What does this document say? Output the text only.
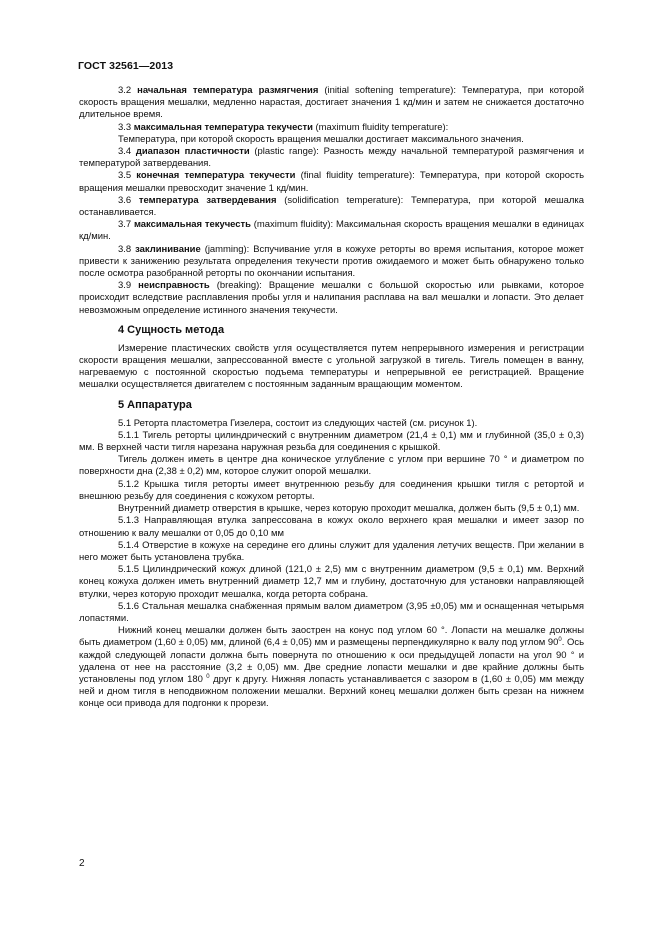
ГОСТ 32561—2013

3.2 начальная температура размягчения (initial softening temperature): Температура, при которой скорость вращения мешалки, медленно нарастая, достигает значения 1 кд/мин и затем не снижается достаточно длительное время.

3.3 максимальная температура текучести (maximum fluidity temperature):

Температура, при которой скорость вращения мешалки достигает максимального значения.

3.4 диапазон пластичности (plastic range): Разность между начальной температурой размягчения и температурой затвердевания.

3.5 конечная температура текучести (final fluidity temperature): Температура, при которой скорость вращения мешалки превосходит значение 1 кд/мин.

3.6 температура затвердевания (solidification temperature): Температура, при которой мешалка останавливается.

3.7 максимальная текучесть (maximum fluidity): Максимальная скорость вращения мешалки в единицах кд/мин.

3.8 заклинивание (jamming): Вспучивание угля в кожухе реторты во время испытания, которое может привести к занижению результата определения текучести против ожидаемого и может быть обнаружено только после осмотра разобранной реторты по окончании испытания.

3.9 неисправность (breaking): Вращение мешалки с большой скоростью или рывками, которое происходит вследствие расплавления пробы угля и налипания расплава на вал мешалки и лопасти. Это делает невозможным определение истинного значения текучести.

4 Сущность метода

Измерение пластических свойств угля осуществляется путем непрерывного измерения и регистрации скорости вращения мешалки, запрессованной вместе с угольной загрузкой в тигель. Тигель помещен в ванну, нагреваемую с постоянной скоростью подъема температуры и непрерывной ее регистрацией. Вращение мешалки осуществляется двигателем с постоянным заданным вращающим моментом.

5 Аппаратура

5.1 Реторта пластометра Гизелера, состоит из следующих частей (см. рисунок 1).

5.1.1 Тигель реторты цилиндрический с внутренним диаметром (21,4 ± 0,1) мм и глубинной (35,0 ± 0,3) мм. В верхней части тигля нарезана наружная резьба для соединения с крышкой.

Тигель должен иметь в центре дна коническое углубление с углом при вершине 70 ° и диаметром по поверхности дна (2,38 ± 0,2) мм, которое служит опорой мешалки.

5.1.2 Крышка тигля реторты имеет внутреннюю резьбу для соединения крышки тигля с ретортой и внешнюю резьбу для соединения с кожухом реторты.

Внутренний диаметр отверстия в крышке, через которую проходит мешалка, должен быть (9,5 ± 0,1) мм.

5.1.3 Направляющая втулка запрессована в кожух около верхнего края мешалки и имеет зазор по отношению к валу мешалки от 0,05 до 0,10 мм

5.1.4 Отверстие в кожухе на середине его длины служит для удаления летучих веществ. При желании в него может быть установлена трубка.

5.1.5 Цилиндрический кожух длиной (121,0 ± 2,5) мм с внутренним диаметром (9,5 ± 0,1) мм. Верхний конец кожуха должен иметь внутренний диаметр 12,7 мм и глубину, достаточную для установки направляющей втулки, через которую проходит мешалка, когда реторта собрана.

5.1.6 Стальная мешалка снабженная прямым валом диаметром (3,95 ±0,05) мм и оснащенная четырьмя лопастями.

Нижний конец мешалки должен быть заострен на конус под углом 60 °. Лопасти на мешалке должны быть диаметром (1,60 ± 0,05) мм, длиной (6,4 ± 0,05) мм и размещены перпендикулярно к валу под углом $90^0$. Ось каждой следующей лопасти должна быть повернута по отношению к оси предыдущей лопасти на угол 90 ° и удалена от нее на расстояние (3,2 ± 0,05) мм. Две средние лопасти мешалки и две крайние должны быть установлены под углом 180 $^0$ друг к другу. Нижняя лопасть устанавливается с зазором в (1,60 ± 0,05) мм между ней и дном тигля в неподвижном положении мешалки. Верхний конец мешалки должен быть срезан на нижнем конце оси привода для подгонки к прорези.

2
